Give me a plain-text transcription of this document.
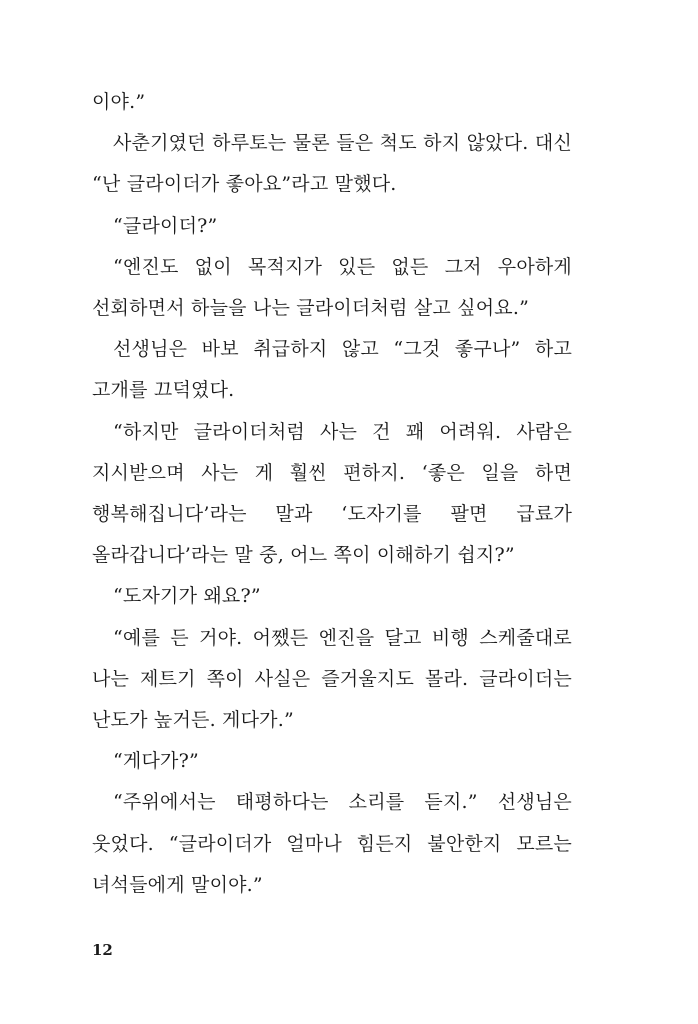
이야.”

사춘기였던 하루토는 물론 들은 척도 하지 않았다. 대신 “난 글라이더가 좋아요”라고 말했다.

“글라이더?”

“엔진도 없이 목적지가 있든 없든 그저 우아하게 선회하면서 하늘을 나는 글라이더처럼 살고 싶어요.”

선생님은 바보 취급하지 않고 “그것 좋구나” 하고 고개를 끄덕였다.

“하지만 글라이더처럼 사는 건 꽤 어려워. 사람은 지시받으며 사는 게 훨씬 편하지. ‘좋은 일을 하면 행복해집니다’라는 말과 ‘도자기를 팔면 급료가 올라갑니다’라는 말 중, 어느 쪽이 이해하기 쉽지?”

“도자기가 왜요?”

“예를 든 거야. 어쨌든 엔진을 달고 비행 스케줄대로 나는 제트기 쪽이 사실은 즐거울지도 몰라. 글라이더는 난도가 높거든. 게다가.”

“게다가?”

“주위에서는 태평하다는 소리를 듣지.” 선생님은 웃었다. “글라이더가 얼마나 힘든지 불안한지 모르는 녀석들에게 말이야.”

12
